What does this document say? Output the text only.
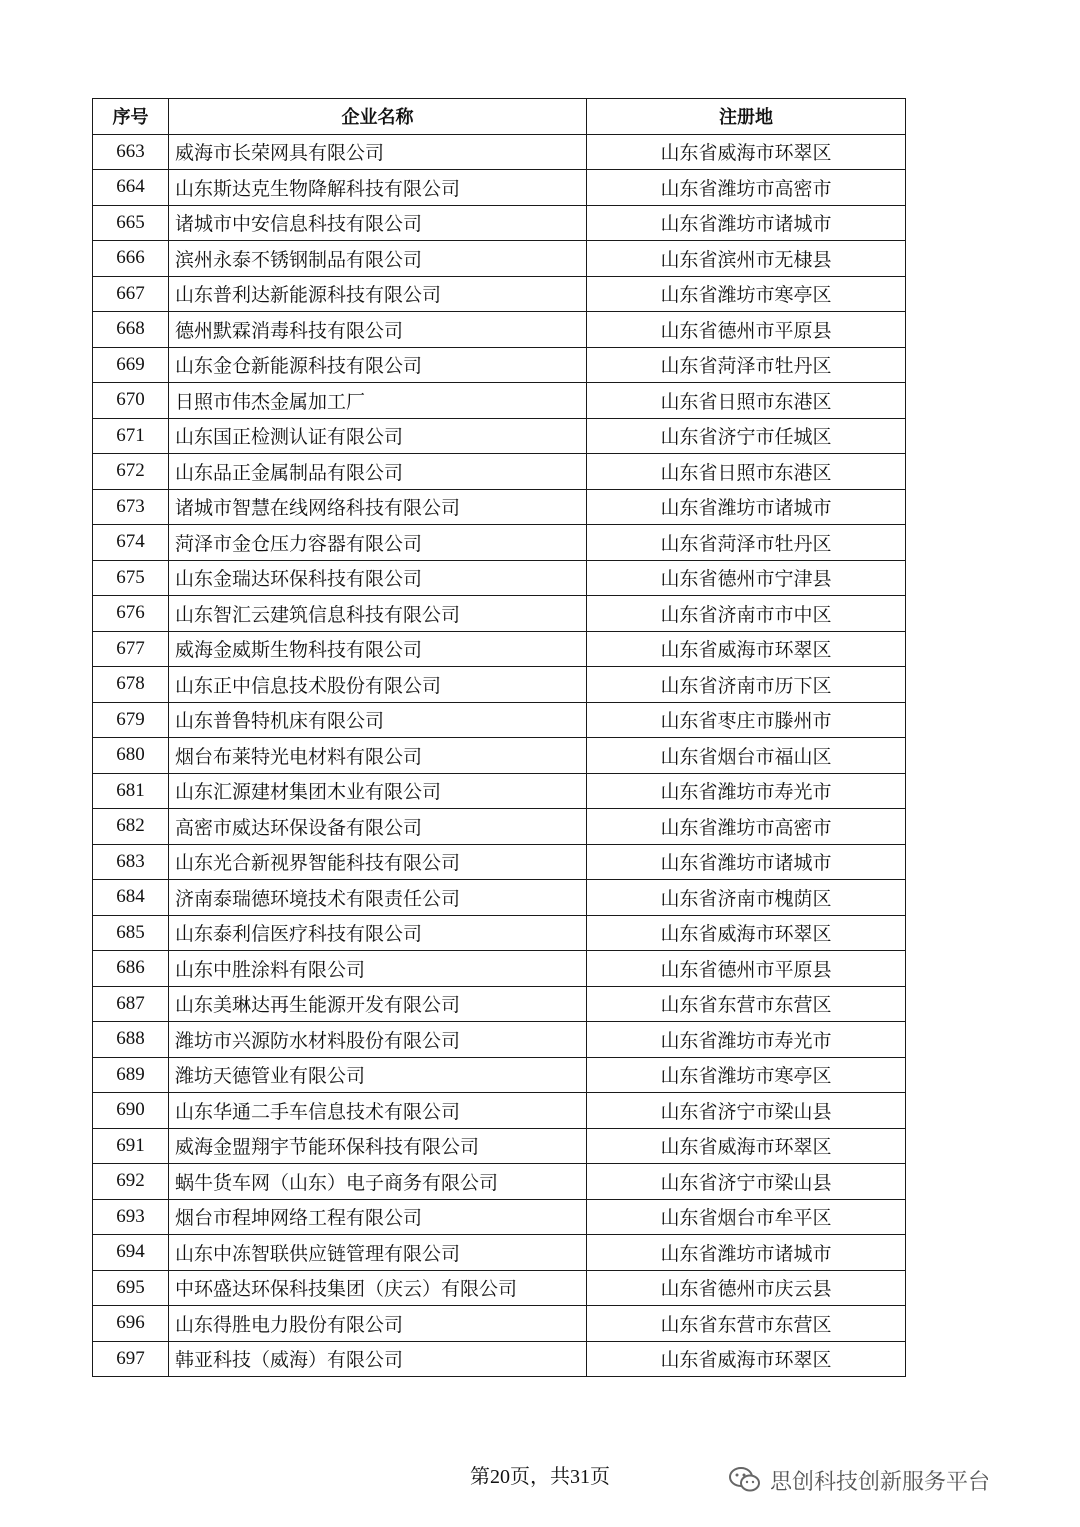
序号	企业名称	注册地
663	威海市长荣网具有限公司	山东省威海市环翠区
664	山东斯达克生物降解科技有限公司	山东省潍坊市高密市
665	诸城市中安信息科技有限公司	山东省潍坊市诸城市
666	滨州永泰不锈钢制品有限公司	山东省滨州市无棣县
667	山东普利达新能源科技有限公司	山东省潍坊市寒亭区
668	德州默霖消毒科技有限公司	山东省德州市平原县
669	山东金仓新能源科技有限公司	山东省菏泽市牡丹区
670	日照市伟杰金属加工厂	山东省日照市东港区
671	山东国正检测认证有限公司	山东省济宁市任城区
672	山东品正金属制品有限公司	山东省日照市东港区
673	诸城市智慧在线网络科技有限公司	山东省潍坊市诸城市
674	菏泽市金仓压力容器有限公司	山东省菏泽市牡丹区
675	山东金瑞达环保科技有限公司	山东省德州市宁津县
676	山东智汇云建筑信息科技有限公司	山东省济南市市中区
677	威海金威斯生物科技有限公司	山东省威海市环翠区
678	山东正中信息技术股份有限公司	山东省济南市历下区
679	山东普鲁特机床有限公司	山东省枣庄市滕州市
680	烟台布莱特光电材料有限公司	山东省烟台市福山区
681	山东汇源建材集团木业有限公司	山东省潍坊市寿光市
682	高密市威达环保设备有限公司	山东省潍坊市高密市
683	山东光合新视界智能科技有限公司	山东省潍坊市诸城市
684	济南泰瑞德环境技术有限责任公司	山东省济南市槐荫区
685	山东泰利信医疗科技有限公司	山东省威海市环翠区
686	山东中胜涂料有限公司	山东省德州市平原县
687	山东美琳达再生能源开发有限公司	山东省东营市东营区
688	潍坊市兴源防水材料股份有限公司	山东省潍坊市寿光市
689	潍坊天德管业有限公司	山东省潍坊市寒亭区
690	山东华通二手车信息技术有限公司	山东省济宁市梁山县
691	威海金盟翔宇节能环保科技有限公司	山东省威海市环翠区
692	蜗牛货车网（山东）电子商务有限公司	山东省济宁市梁山县
693	烟台市程坤网络工程有限公司	山东省烟台市牟平区
694	山东中冻智联供应链管理有限公司	山东省潍坊市诸城市
695	中环盛达环保科技集团（庆云）有限公司	山东省德州市庆云县
696	山东得胜电力股份有限公司	山东省东营市东营区
697	韩亚科技（威海）有限公司	山东省威海市环翠区
第20页，共31页	思创科技创新服务平台
